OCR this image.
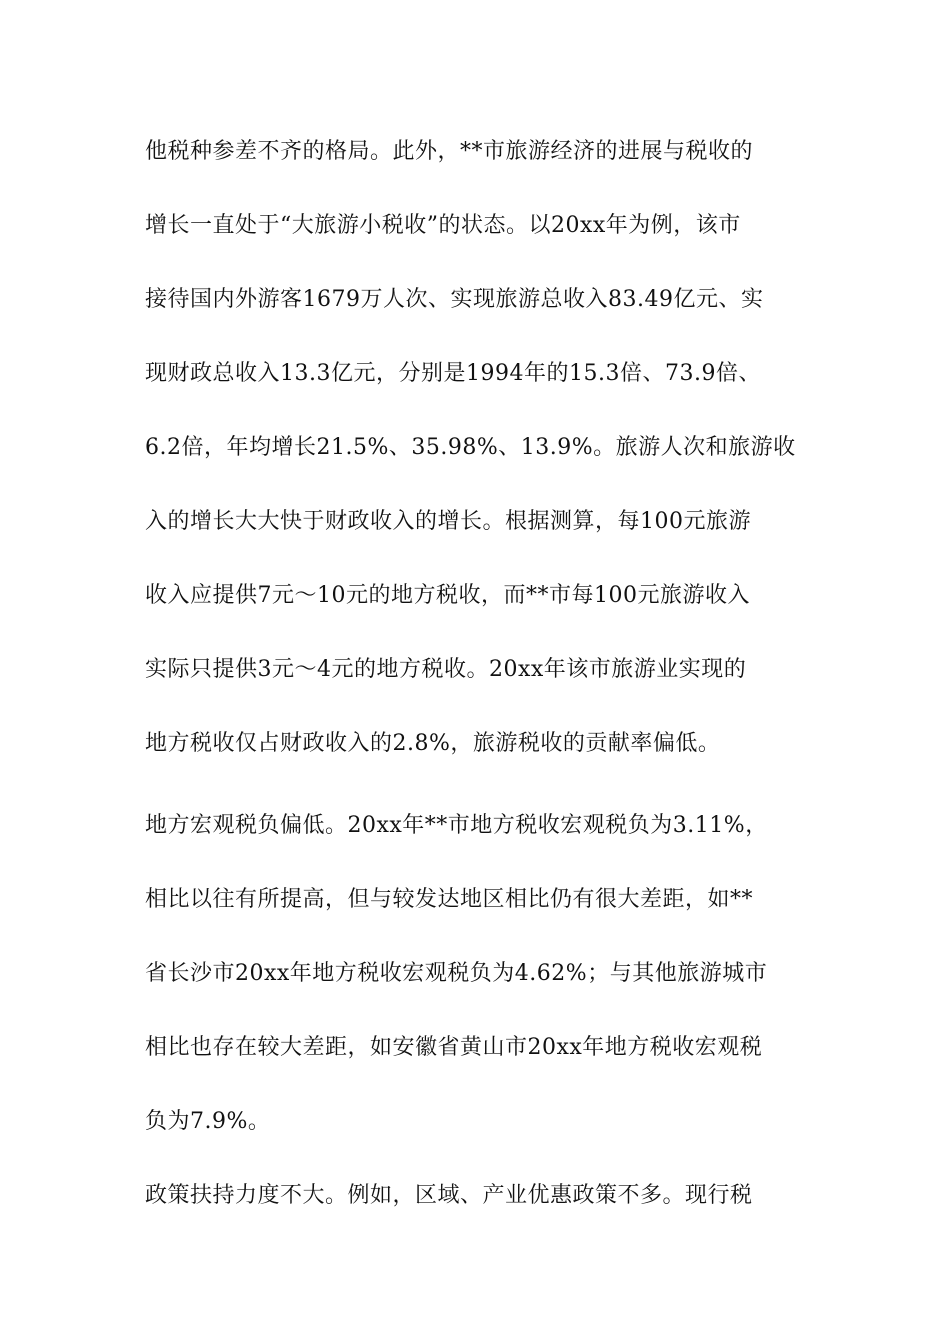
他税种参差不齐的格局。此外，**市旅游经济的进展与税收的
增长一直处于“大旅游小税收”的状态。以20xx年为例，该市
接待国内外游客1679万人次、实现旅游总收入83.49亿元、实
现财政总收入13.3亿元，分别是1994年的15.3倍、73.9倍、
6.2倍，年均增长21.5%、35.98%、13.9%。旅游人次和旅游收
入的增长大大快于财政收入的增长。根据测算，每100元旅游
收入应提供7元～10元的地方税收，而**市每100元旅游收入
实际只提供3元～4元的地方税收。20xx年该市旅游业实现的
地方税收仅占财政收入的2.8%，旅游税收的贡献率偏低。
地方宏观税负偏低。20xx年**市地方税收宏观税负为3.11%，
相比以往有所提高，但与较发达地区相比仍有很大差距，如**
省长沙市20xx年地方税收宏观税负为4.62%；与其他旅游城市
相比也存在较大差距，如安徽省黄山市20xx年地方税收宏观税
负为7.9%。
政策扶持力度不大。例如，区域、产业优惠政策不多。现行税
